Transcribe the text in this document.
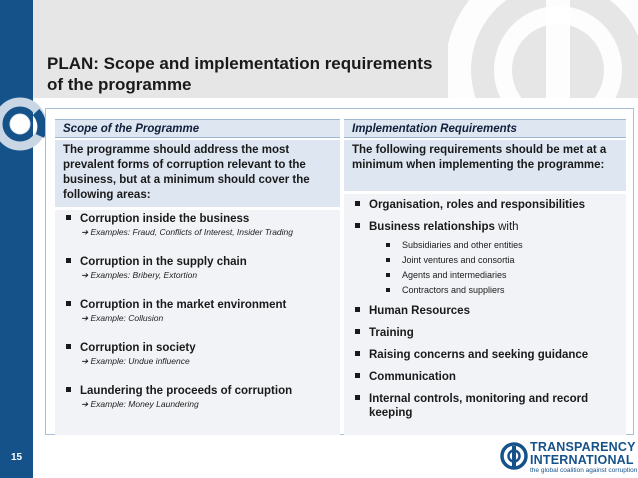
15
PLAN: Scope and implementation requirements
of the programme
Scope of the Programme
The programme should address the most prevalent forms of corruption relevant to the business, but at a minimum should cover the following areas:
Corruption inside the business
➔ Examples: Fraud, Conflicts of Interest, Insider Trading
Corruption in the supply chain
➔ Examples: Bribery, Extortion
Corruption in the market environment
➔ Example: Collusion
Corruption in society
➔ Example: Undue influence
Laundering the proceeds of corruption
➔ Example: Money Laundering
Implementation Requirements
The following requirements should be met at a minimum when implementing the programme:
Organisation, roles and responsibilities
Business relationships with
Subsidiaries and other entities
Joint ventures and consortia
Agents and intermediaries
Contractors and suppliers
Human Resources
Training
Raising concerns and seeking guidance
Communication
Internal controls, monitoring and record keeping
TRANSPARENCY
INTERNATIONAL
the global coalition against corruption
